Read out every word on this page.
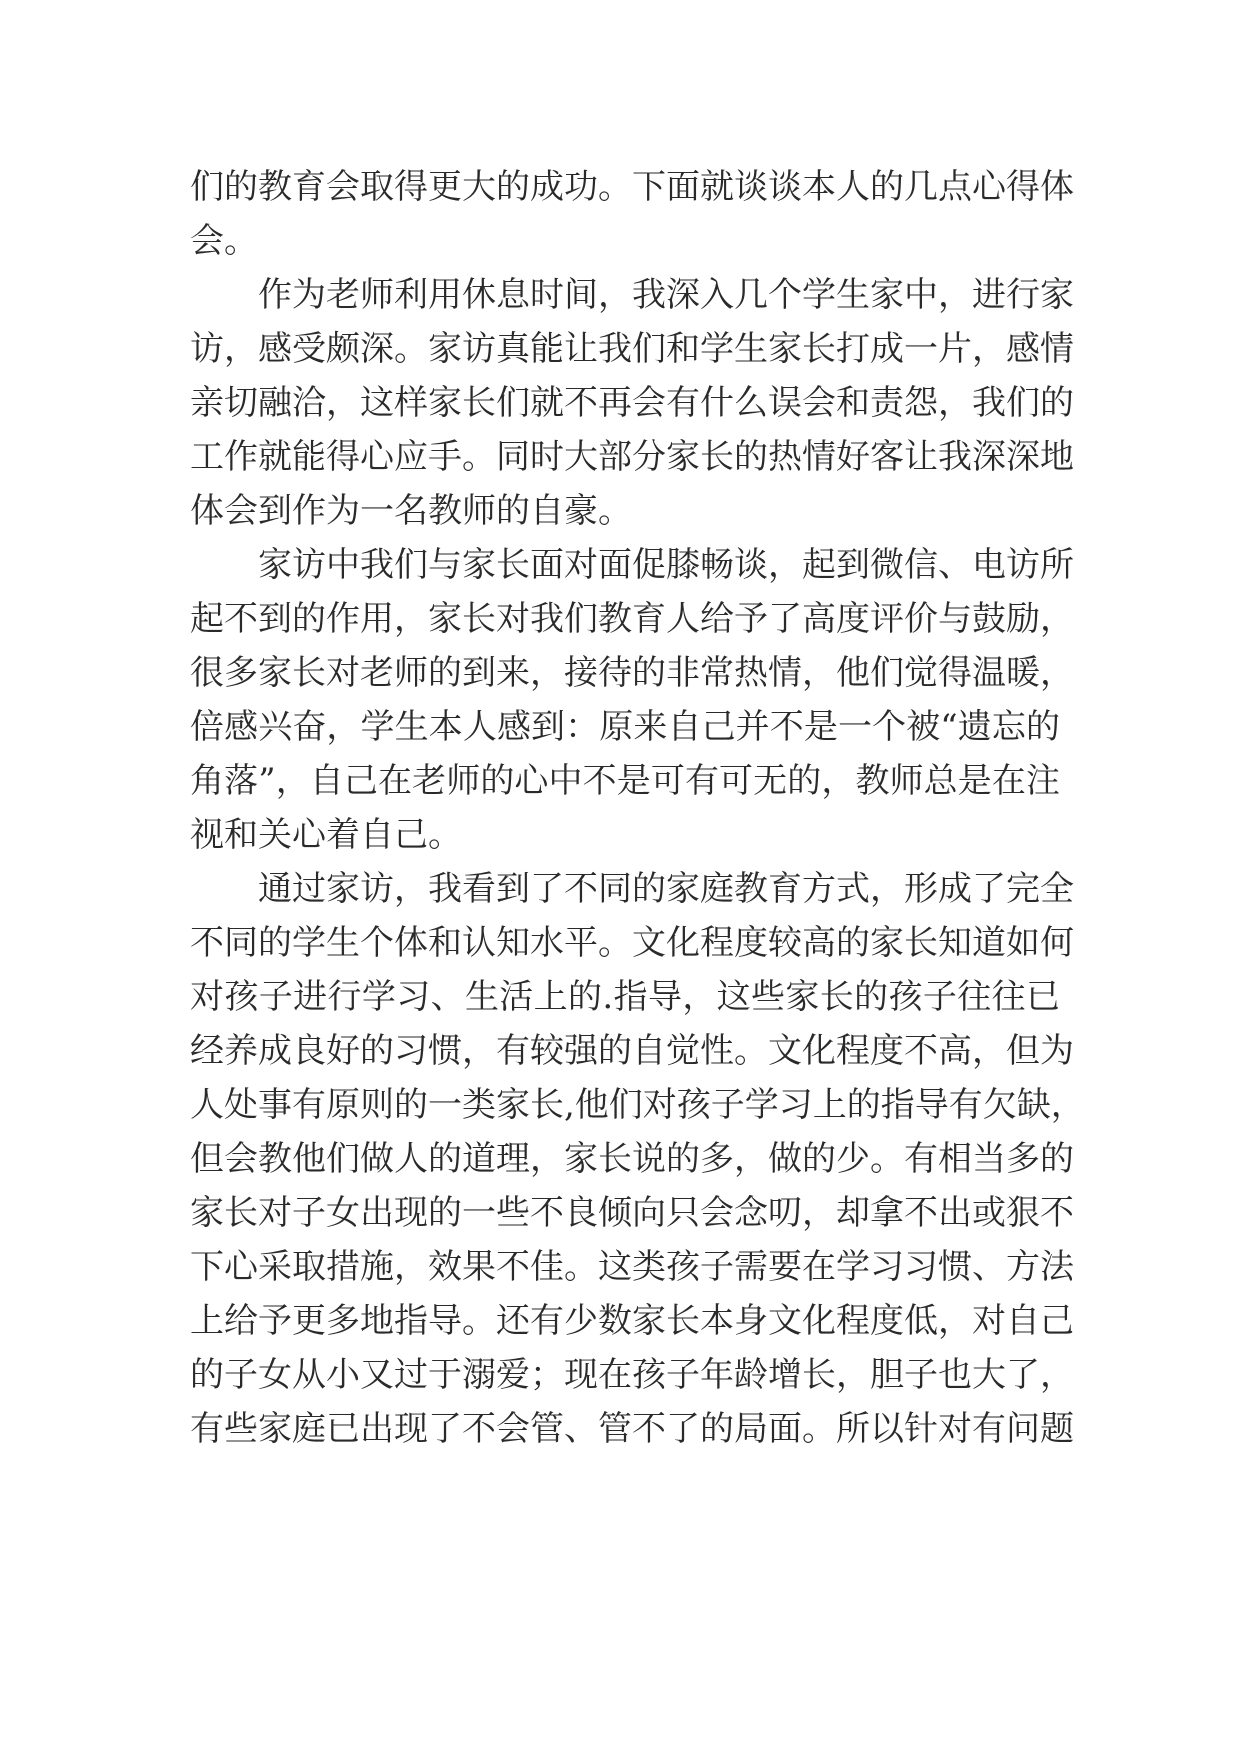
们的教育会取得更大的成功。下面就谈谈本人的几点心得体
会。
作为老师利用休息时间，我深入几个学生家中，进行家
访，感受颇深。家访真能让我们和学生家长打成一片，感情
亲切融洽，这样家长们就不再会有什么误会和责怨，我们的
工作就能得心应手。同时大部分家长的热情好客让我深深地
体会到作为一名教师的自豪。
家访中我们与家长面对面促膝畅谈，起到微信、电访所
起不到的作用，家长对我们教育人给予了高度评价与鼓励，
很多家长对老师的到来，接待的非常热情，他们觉得温暖，
倍感兴奋，学生本人感到：原来自己并不是一个被“遗忘的
角落”，自己在老师的心中不是可有可无的，教师总是在注
视和关心着自己。
通过家访，我看到了不同的家庭教育方式，形成了完全
不同的学生个体和认知水平。文化程度较高的家长知道如何
对孩子进行学习、生活上的.指导，这些家长的孩子往往已
经养成良好的习惯，有较强的自觉性。文化程度不高，但为
人处事有原则的一类家长,他们对孩子学习上的指导有欠缺，
但会教他们做人的道理，家长说的多，做的少。有相当多的
家长对子女出现的一些不良倾向只会念叨，却拿不出或狠不
下心采取措施，效果不佳。这类孩子需要在学习习惯、方法
上给予更多地指导。还有少数家长本身文化程度低，对自己
的子女从小又过于溺爱；现在孩子年龄增长，胆子也大了，
有些家庭已出现了不会管、管不了的局面。所以针对有问题
